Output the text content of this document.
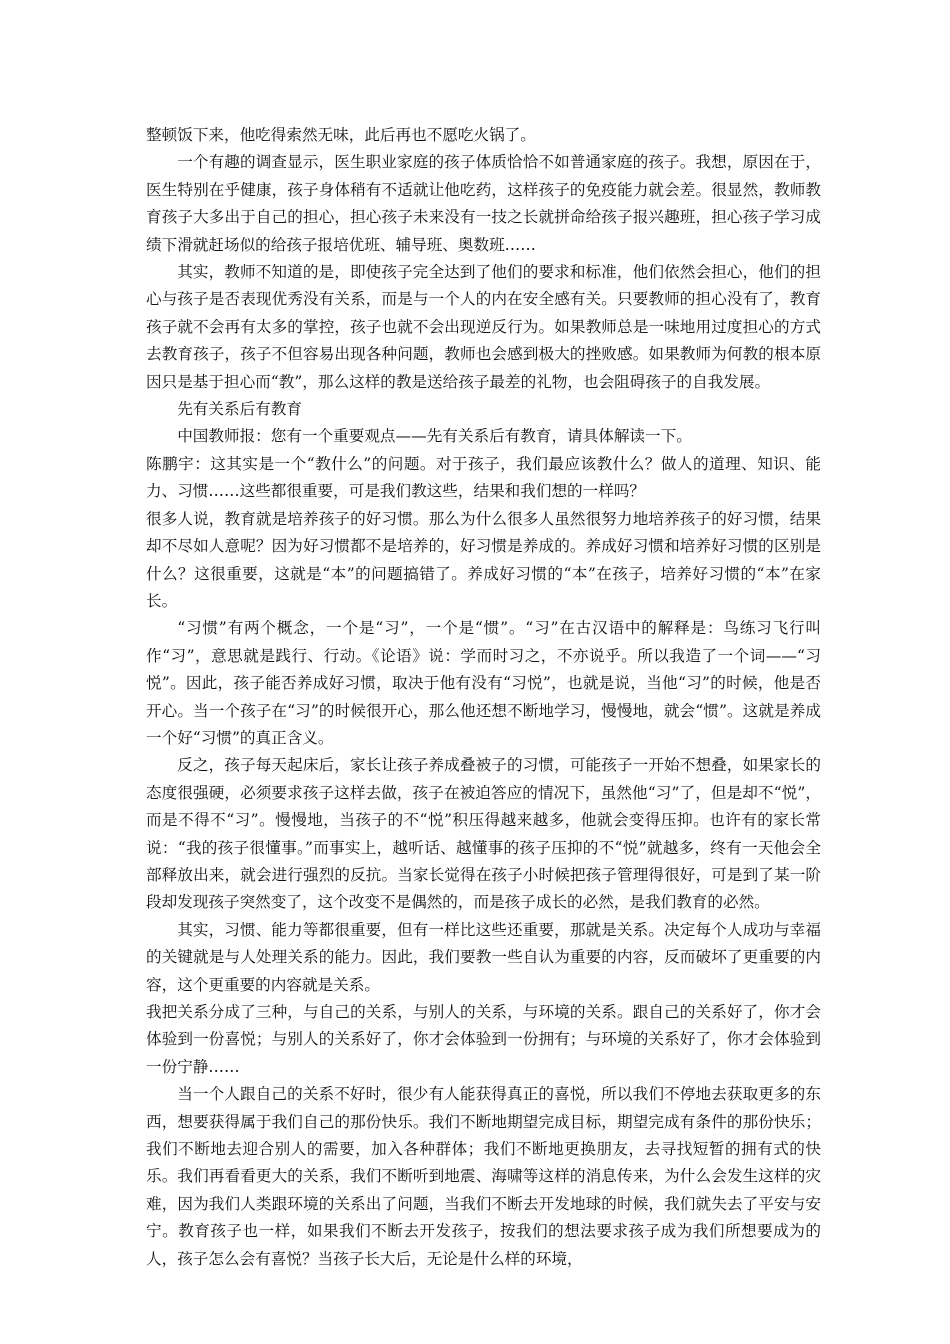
整顿饭下来，他吃得索然无味，此后再也不愿吃火锅了。

一个有趣的调查显示，医生职业家庭的孩子体质恰恰不如普通家庭的孩子。我想，原因在于，医生特别在乎健康，孩子身体稍有不适就让他吃药，这样孩子的免疫能力就会差。很显然，教师教育孩子大多出于自己的担心，担心孩子未来没有一技之长就拼命给孩子报兴趣班，担心孩子学习成绩下滑就赶场似的给孩子报培优班、辅导班、奥数班……

其实，教师不知道的是，即使孩子完全达到了他们的要求和标准，他们依然会担心，他们的担心与孩子是否表现优秀没有关系，而是与一个人的内在安全感有关。只要教师的担心没有了，教育孩子就不会再有太多的掌控，孩子也就不会出现逆反行为。如果教师总是一味地用过度担心的方式去教育孩子，孩子不但容易出现各种问题，教师也会感到极大的挫败感。如果教师为何教的根本原因只是基于担心而“教”，那么这样的教是送给孩子最差的礼物，也会阻碍孩子的自我发展。

先有关系后有教育

中国教师报：您有一个重要观点——先有关系后有教育，请具体解读一下。

陈鹏宇：这其实是一个“教什么”的问题。对于孩子，我们最应该教什么？做人的道理、知识、能力、习惯……这些都很重要，可是我们教这些，结果和我们想的一样吗？

很多人说，教育就是培养孩子的好习惯。那么为什么很多人虽然很努力地培养孩子的好习惯，结果却不尽如人意呢？因为好习惯都不是培养的，好习惯是养成的。养成好习惯和培养好习惯的区别是什么？这很重要，这就是“本”的问题搞错了。养成好习惯的“本”在孩子，培养好习惯的“本”在家长。

“习惯”有两个概念，一个是“习”，一个是“惯”。“习”在古汉语中的解释是：鸟练习飞行叫作“习”，意思就是践行、行动。《论语》说：学而时习之，不亦说乎。所以我造了一个词——“习悦”。因此，孩子能否养成好习惯，取决于他有没有“习悦”，也就是说，当他“习”的时候，他是否开心。当一个孩子在“习”的时候很开心，那么他还想不断地学习，慢慢地，就会“惯”。这就是养成一个好“习惯”的真正含义。

反之，孩子每天起床后，家长让孩子养成叠被子的习惯，可能孩子一开始不想叠，如果家长的态度很强硬，必须要求孩子这样去做，孩子在被迫答应的情况下，虽然他“习”了，但是却不“悦”，而是不得不“习”。慢慢地，当孩子的不“悦”积压得越来越多，他就会变得压抑。也许有的家长常说：“我的孩子很懂事。”而事实上，越听话、越懂事的孩子压抑的不“悦”就越多，终有一天他会全部释放出来，就会进行强烈的反抗。当家长觉得在孩子小时候把孩子管理得很好，可是到了某一阶段却发现孩子突然变了，这个改变不是偶然的，而是孩子成长的必然，是我们教育的必然。

其实，习惯、能力等都很重要，但有一样比这些还重要，那就是关系。决定每个人成功与幸福的关键就是与人处理关系的能力。因此，我们要教一些自认为重要的内容，反而破坏了更重要的内容，这个更重要的内容就是关系。

我把关系分成了三种，与自己的关系，与别人的关系，与环境的关系。跟自己的关系好了，你才会体验到一份喜悦；与别人的关系好了，你才会体验到一份拥有；与环境的关系好了，你才会体验到一份宁静……

当一个人跟自己的关系不好时，很少有人能获得真正的喜悦，所以我们不停地去获取更多的东西，想要获得属于我们自己的那份快乐。我们不断地期望完成目标，期望完成有条件的那份快乐；我们不断地去迎合别人的需要，加入各种群体；我们不断地更换朋友，去寻找短暂的拥有式的快乐。我们再看看更大的关系，我们不断听到地震、海啸等这样的消息传来，为什么会发生这样的灾难，因为我们人类跟环境的关系出了问题，当我们不断去开发地球的时候，我们就失去了平安与安宁。教育孩子也一样，如果我们不断去开发孩子，按我们的想法要求孩子成为我们所想要成为的人，孩子怎么会有喜悦？当孩子长大后，无论是什么样的环境，
